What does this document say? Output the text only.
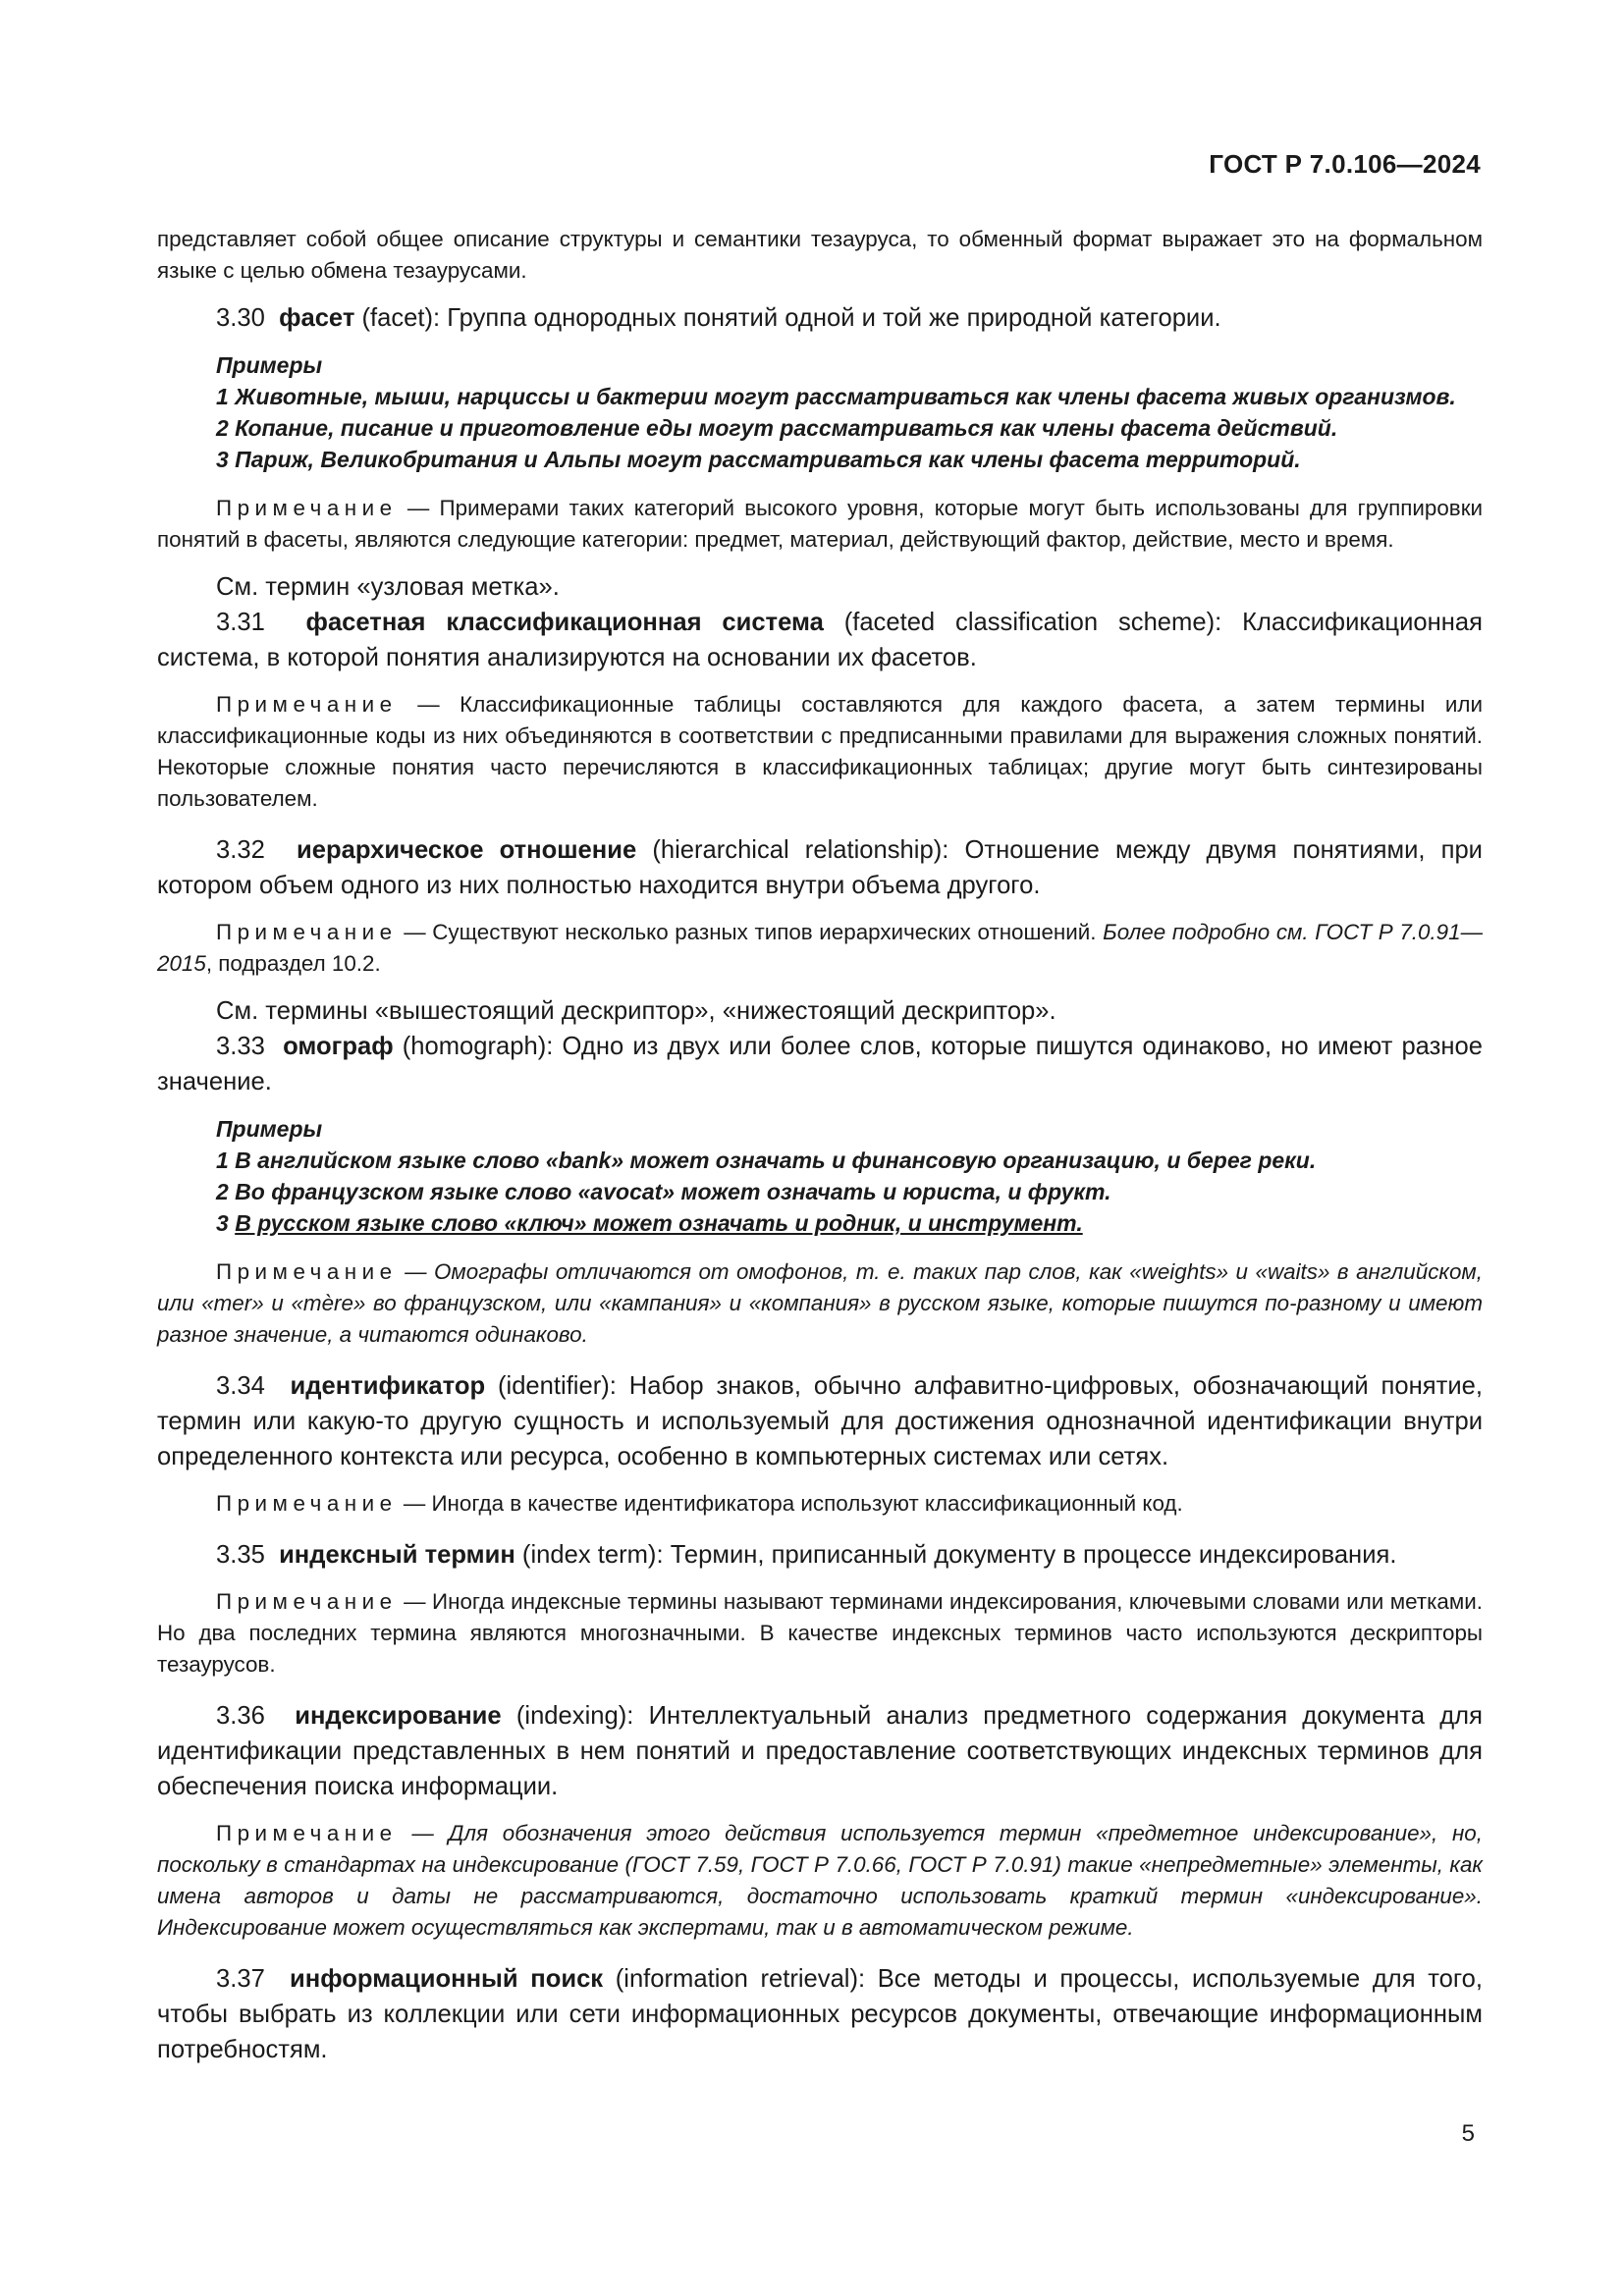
ГОСТ Р 7.0.106—2024

представляет собой общее описание структуры и семантики тезауруса, то обменный формат выражает это на формальном языке с целью обмена тезаурусами.

3.30 фасет (facet): Группа однородных понятий одной и той же природной категории.

Примеры

1 Животные, мыши, нарциссы и бактерии могут рассматриваться как члены фасета живых организмов.

2 Копание, писание и приготовление еды могут рассматриваться как члены фасета действий.

3 Париж, Великобритания и Альпы могут рассматриваться как члены фасета территорий.

Примечание — Примерами таких категорий высокого уровня, которые могут быть использованы для группировки понятий в фасеты, являются следующие категории: предмет, материал, действующий фактор, действие, место и время.

См. термин «узловая метка».

3.31 фасетная классификационная система (faceted classification scheme): Классификационная система, в которой понятия анализируются на основании их фасетов.

Примечание — Классификационные таблицы составляются для каждого фасета, а затем термины или классификационные коды из них объединяются в соответствии с предписанными правилами для выражения сложных понятий. Некоторые сложные понятия часто перечисляются в классификационных таблицах; другие могут быть синтезированы пользователем.

3.32 иерархическое отношение (hierarchical relationship): Отношение между двумя понятиями, при котором объем одного из них полностью находится внутри объема другого.

Примечание — Существуют несколько разных типов иерархических отношений. Более подробно см. ГОСТ Р 7.0.91—2015, подраздел 10.2.

См. термины «вышестоящий дескриптор», «нижестоящий дескриптор».

3.33 омограф (homograph): Одно из двух или более слов, которые пишутся одинаково, но имеют разное значение.

Примеры

1 В английском языке слово «bank» может означать и финансовую организацию, и берег реки.

2 Во французском языке слово «avocat» может означать и юриста, и фрукт.

3 В русском языке слово «ключ» может означать и родник, и инструмент.

Примечание — Омографы отличаются от омофонов, т. е. таких пар слов, как «weights» и «waits» в английском, или «mer» и «mère» во французском, или «кампания» и «компания» в русском языке, которые пишутся по-разному и имеют разное значение, а читаются одинаково.

3.34 идентификатор (identifier): Набор знаков, обычно алфавитно-цифровых, обозначающий понятие, термин или какую-то другую сущность и используемый для достижения однозначной идентификации внутри определенного контекста или ресурса, особенно в компьютерных системах или сетях.

Примечание — Иногда в качестве идентификатора используют классификационный код.

3.35 индексный термин (index term): Термин, приписанный документу в процессе индексирования.

Примечание — Иногда индексные термины называют терминами индексирования, ключевыми словами или метками. Но два последних термина являются многозначными. В качестве индексных терминов часто используются дескрипторы тезаурусов.

3.36 индексирование (indexing): Интеллектуальный анализ предметного содержания документа для идентификации представленных в нем понятий и предоставление соответствующих индексных терминов для обеспечения поиска информации.

Примечание — Для обозначения этого действия используется термин «предметное индексирование», но, поскольку в стандартах на индексирование (ГОСТ 7.59, ГОСТ Р 7.0.66, ГОСТ Р 7.0.91) такие «непредметные» элементы, как имена авторов и даты не рассматриваются, достаточно использовать краткий термин «индексирование». Индексирование может осуществляться как экспертами, так и в автоматическом режиме.

3.37 информационный поиск (information retrieval): Все методы и процессы, используемые для того, чтобы выбрать из коллекции или сети информационных ресурсов документы, отвечающие информационным потребностям.

5
